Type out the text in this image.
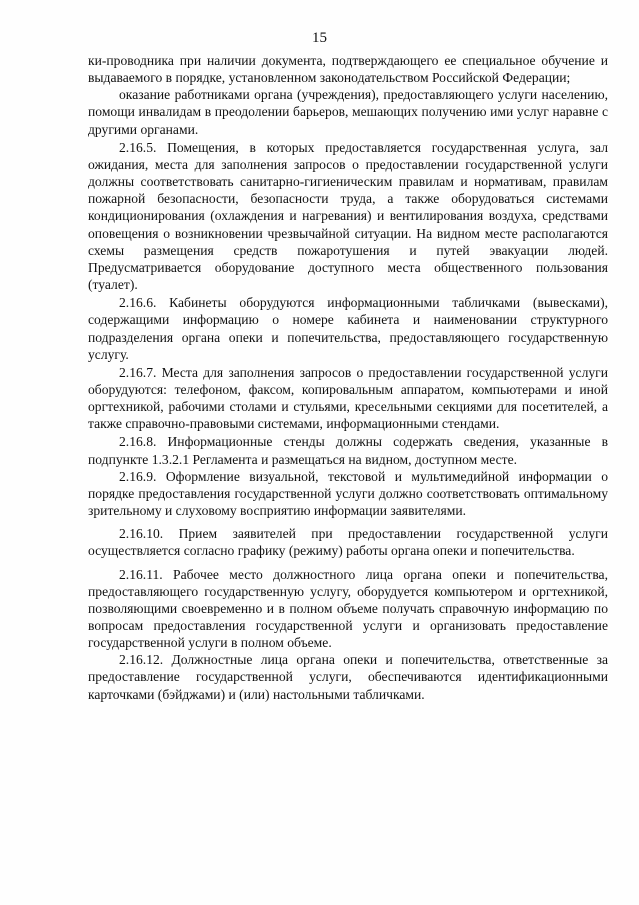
15

ки-проводника при наличии документа, подтверждающего ее специальное обучение и выдаваемого в порядке, установленном законодательством Российской Федерации;

оказание работниками органа (учреждения), предоставляющего услуги населению, помощи инвалидам в преодолении барьеров, мешающих получению ими услуг наравне с другими органами.

2.16.5. Помещения, в которых предоставляется государственная услуга, зал ожидания, места для заполнения запросов о предоставлении государственной услуги должны соответствовать санитарно-гигиеническим правилам и нормативам, правилам пожарной безопасности, безопасности труда, а также оборудоваться системами кондиционирования (охлаждения и нагревания) и вентилирования воздуха, средствами оповещения о возникновении чрезвычайной ситуации. На видном месте располагаются схемы размещения средств пожаротушения и путей эвакуации людей. Предусматривается оборудование доступного места общественного пользования (туалет).

2.16.6. Кабинеты оборудуются информационными табличками (вывесками), содержащими информацию о номере кабинета и наименовании структурного подразделения органа опеки и попечительства, предоставляющего государственную услугу.

2.16.7. Места для заполнения запросов о предоставлении государственной услуги оборудуются: телефоном, факсом, копировальным аппаратом, компьютерами и иной оргтехникой, рабочими столами и стульями, кресельными секциями для посетителей, а также справочно-правовыми системами, информационными стендами.

2.16.8. Информационные стенды должны содержать сведения, указанные в подпункте 1.3.2.1 Регламента и размещаться на видном, доступном месте.

2.16.9. Оформление визуальной, текстовой и мультимедийной информации о порядке предоставления государственной услуги должно соответствовать оптимальному зрительному и слуховому восприятию информации заявителями.

2.16.10. Прием заявителей при предоставлении государственной услуги осуществляется согласно графику (режиму) работы органа опеки и попечительства.

2.16.11. Рабочее место должностного лица органа опеки и попечительства, предоставляющего государственную услугу, оборудуется компьютером и оргтехникой, позволяющими своевременно и в полном объеме получать справочную информацию по вопросам предоставления государственной услуги и организовать предоставление государственной услуги в полном объеме.

2.16.12. Должностные лица органа опеки и попечительства, ответственные за предоставление государственной услуги, обеспечиваются идентификационными карточками (бэйджами) и (или) настольными табличками.
